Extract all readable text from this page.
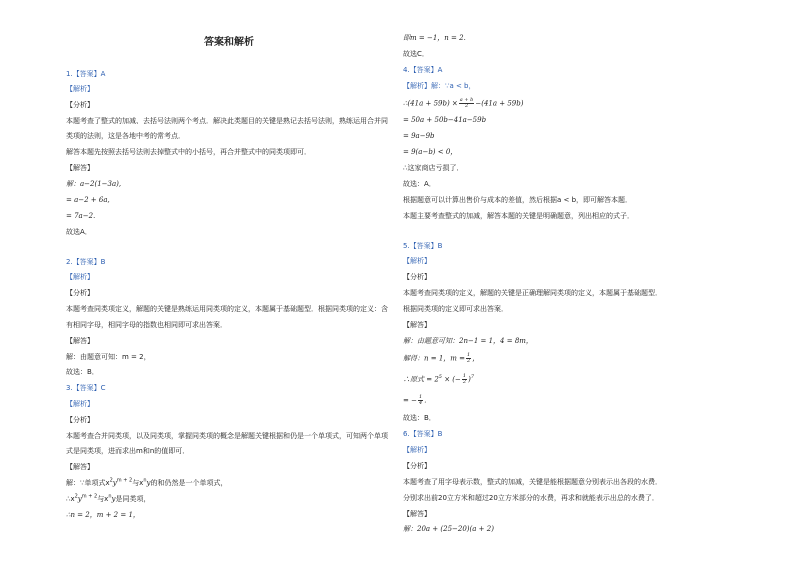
答案和解析
1.【答案】A
【解析】
【分析】
本题考查了整式的加减、去括号法则两个考点．解决此类题目的关键是熟记去括号法则，熟练运用合并同
类项的法则，这是各地中考的常考点．
解答本题先按照去括号法则去掉整式中的小括号，再合并整式中的同类项即可．
【解答】
解：a−2(1−3a),
= a−2 + 6a,
= 7a−2．
故选A．
2.【答案】B
【解析】
【分析】
本题考查同类项定义，解题的关键是熟练运用同类项的定义，本题属于基础题型．根据同类项的定义：含
有相同字母，相同字母的指数也相同即可求出答案．
【解答】
解：由题意可知：m = 2，
故选：B．
3.【答案】C
【解析】
【分析】
本题考查合并同类项，以及同类项，掌握同类项的概念是解题关键根据和仍是一个单项式，可知两个单项
式是同类项，进而求出m和n的值即可．
【解答】
解：∵单项式$x^2y^{m + 2}$与$x^ny$的和仍然是一个单项式，
$\therefore x^2y^{m + 2}$与$x^ny$是同类项，
∴n = 2，m + 2 = 1，
即m = −1，n = 2．
故选C．
4.【答案】A
【解析】解：∵a < b，
∴(41a + $59b) \times \frac{a + b}{2} -(41a + 59b)$
= 50a + 50b−41a−59b
= 9a−9b
= 9(a−b) < 0，
∴这家商店亏损了．
故选：A．
根据题意可以计算出售价与成本的差值，然后根据a < b，即可解答本题．
本题主要考查整式的加减，解答本题的关键是明确题意，列出相应的式子．
5.【答案】B
【解析】
【分析】
本题考查同类项的定义，解题的关键是正确理解同类项的定义，本题属于基础题型．
根据同类项的定义即可求出答案．
【解答】
解：由题意可知：2n−1 = 1，4 = 8m，
解得：n = 1，$m = \frac{1}{2}$ ，
∴原式 = $2^5$ × (− $\frac{1}{2} )^7$
= − $\frac{1}{4}$ ．
故选：B．
6.【答案】B
【解析】
【分析】
本题考查了用字母表示数，整式的加减，关键是能根据题意分别表示出各段的水费．
分别求出前20立方米和超过20立方米部分的水费，再求和就能表示出总的水费了．
【解答】
解：20a + (25−20)(a + 2)
